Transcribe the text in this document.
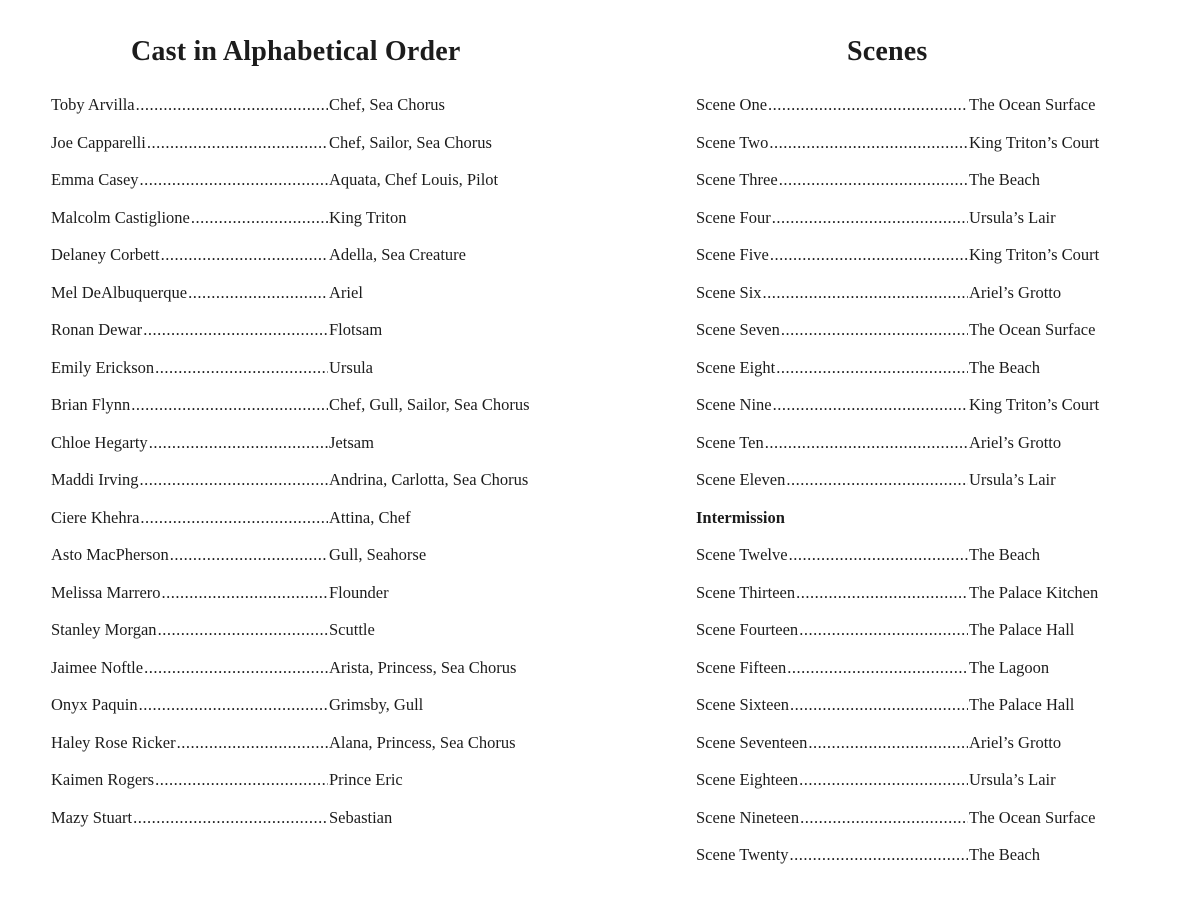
Cast in Alphabetical Order
Toby Arvilla .....	Chef, Sea Chorus
Joe Capparelli .....	Chef, Sailor, Sea Chorus
Emma Casey .....	Aquata, Chef Louis, Pilot
Malcolm Castiglione .....	King Triton
Delaney Corbett .....	Adella, Sea Creature
Mel DeAlbuquerque .....	Ariel
Ronan Dewar .....	Flotsam
Emily Erickson .....	Ursula
Brian Flynn .....	Chef, Gull, Sailor, Sea Chorus
Chloe Hegarty .....	Jetsam
Maddi Irving .....	Andrina, Carlotta, Sea Chorus
Ciere Khehra .....	Attina, Chef
Asto MacPherson .....	Gull, Seahorse
Melissa Marrero .....	Flounder
Stanley Morgan .....	Scuttle
Jaimee Noftle .....	Arista, Princess, Sea Chorus
Onyx Paquin .....	Grimsby, Gull
Haley Rose Ricker .....	Alana, Princess, Sea Chorus
Kaimen Rogers .....	Prince Eric
Mazy Stuart .....	Sebastian
Scenes
Scene One .....	The Ocean Surface
Scene Two .....	King Triton’s Court
Scene Three .....	The Beach
Scene Four .....	Ursula’s Lair
Scene Five .....	King Triton’s Court
Scene Six .....	Ariel’s Grotto
Scene Seven .....	The Ocean Surface
Scene Eight .....	The Beach
Scene Nine .....	King Triton’s Court
Scene Ten .....	Ariel’s Grotto
Scene Eleven .....	Ursula’s Lair
Intermission
Scene Twelve .....	The Beach
Scene Thirteen .....	The Palace Kitchen
Scene Fourteen .....	The Palace Hall
Scene Fifteen .....	The Lagoon
Scene Sixteen .....	The Palace Hall
Scene Seventeen .....	Ariel’s Grotto
Scene Eighteen .....	Ursula’s Lair
Scene Nineteen .....	The Ocean Surface
Scene Twenty .....	The Beach
